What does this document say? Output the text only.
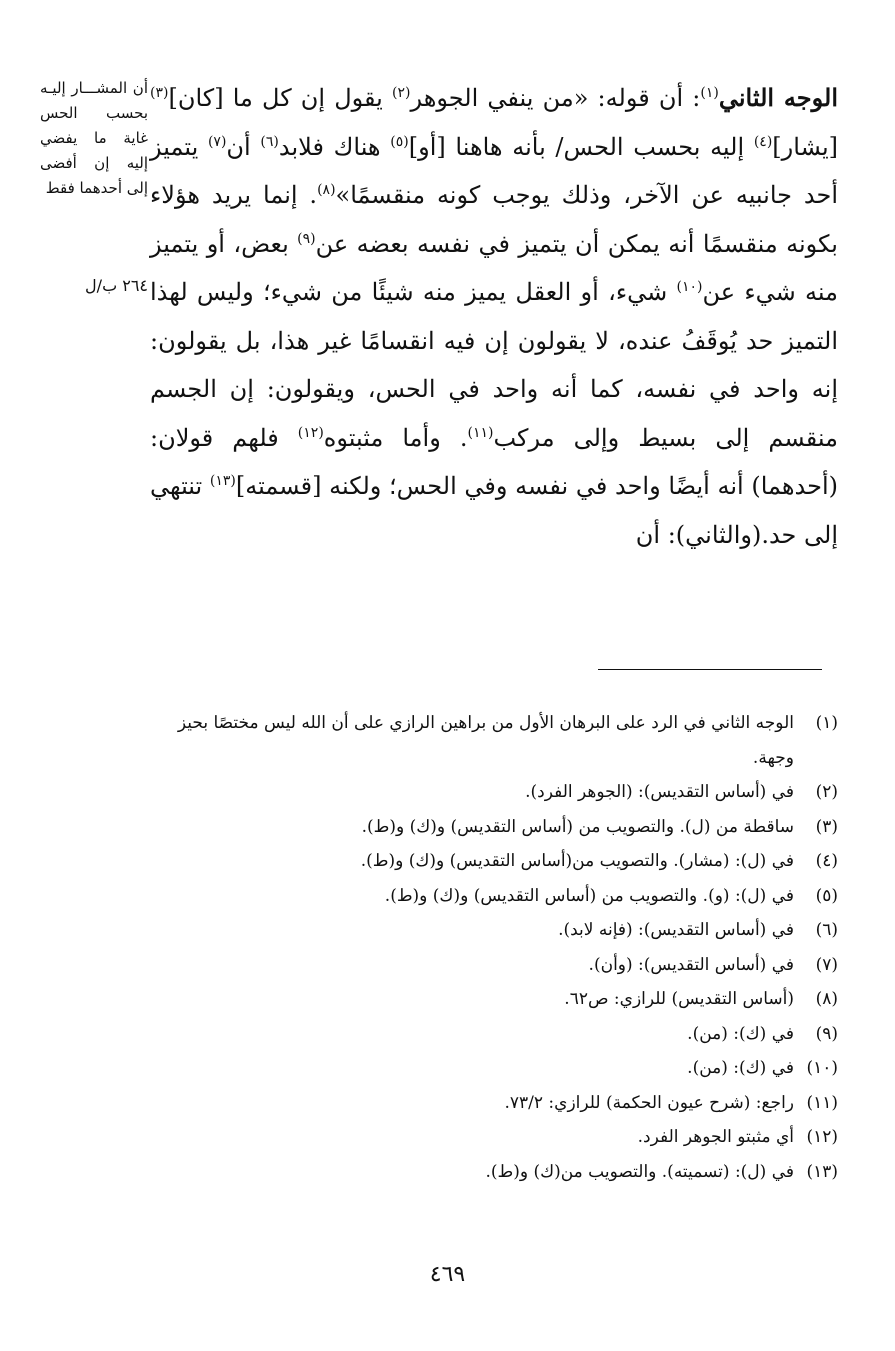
أن المشـــار إليـه بحسب الحس غاية ما يفضي إليه إن أفضى إلى أحدهما فقط
٢٦٤ ب/ل

الوجه الثاني$^{(١)}$: أن قوله: «من ينفي الجوهر$^{(٢)}$ يقول إن كل ما [كان]$^{(٣)}$ [يشار]$^{(٤)}$ إليه بحسب الحس/ بأنه هاهنا [أو]$^{(٥)}$ هناك فلابد$^{(٦)}$ أن$^{(٧)}$ يتميز أحد جانبيه عن الآخر، وذلك يوجب كونه منقسمًا»$^{(٨)}$. إنما يريد هؤلاء بكونه منقسمًا أنه يمكن أن يتميز في نفسه بعضه عن$^{(٩)}$ بعض، أو يتميز منه شيء عن$^{(١٠)}$ شيء، أو العقل يميز منه شيئًا من شيء؛ وليس لهذا التميز حد يُوقَفُ عنده، لا يقولون إن فيه انقسامًا غير هذا، بل يقولون: إنه واحد في نفسه، كما أنه واحد في الحس، ويقولون: إن الجسم منقسم إلى بسيط وإلى مركب$^{(١١)}$. وأما مثبتوه$^{(١٢)}$ فلهم قولان: (أحدهما) أنه أيضًا واحد في نفسه وفي الحس؛ ولكنه [قسمته]$^{(١٣)}$ تنتهي إلى حد.(والثاني): أن

(١)
الوجه الثاني في الرد على البرهان الأول من براهين الرازي على أن الله ليس مختصًا بحيز وجهة.
(٢)
في (أساس التقديس): (الجوهر الفرد).
(٣)
ساقطة من (ل). والتصويب من (أساس التقديس) و(ك) و(ط).
(٤)
في (ل): (مشار). والتصويب من(أساس التقديس) و(ك) و(ط).
(٥)
في (ل): (و). والتصويب من (أساس التقديس) و(ك) و(ط).
(٦)
في (أساس التقديس): (فإنه لابد).
(٧)
في (أساس التقديس): (وأن).
(٨)
(أساس التقديس) للرازي: ص٦٢.
(٩)
في (ك): (من).
(١٠)
في (ك): (من).
(١١)
راجع: (شرح عيون الحكمة) للرازي: ٧٣/٢.
(١٢)
أي مثبتو الجوهر الفرد.
(١٣)
في (ل): (تسميته). والتصويب من(ك) و(ط).
٤٦٩
